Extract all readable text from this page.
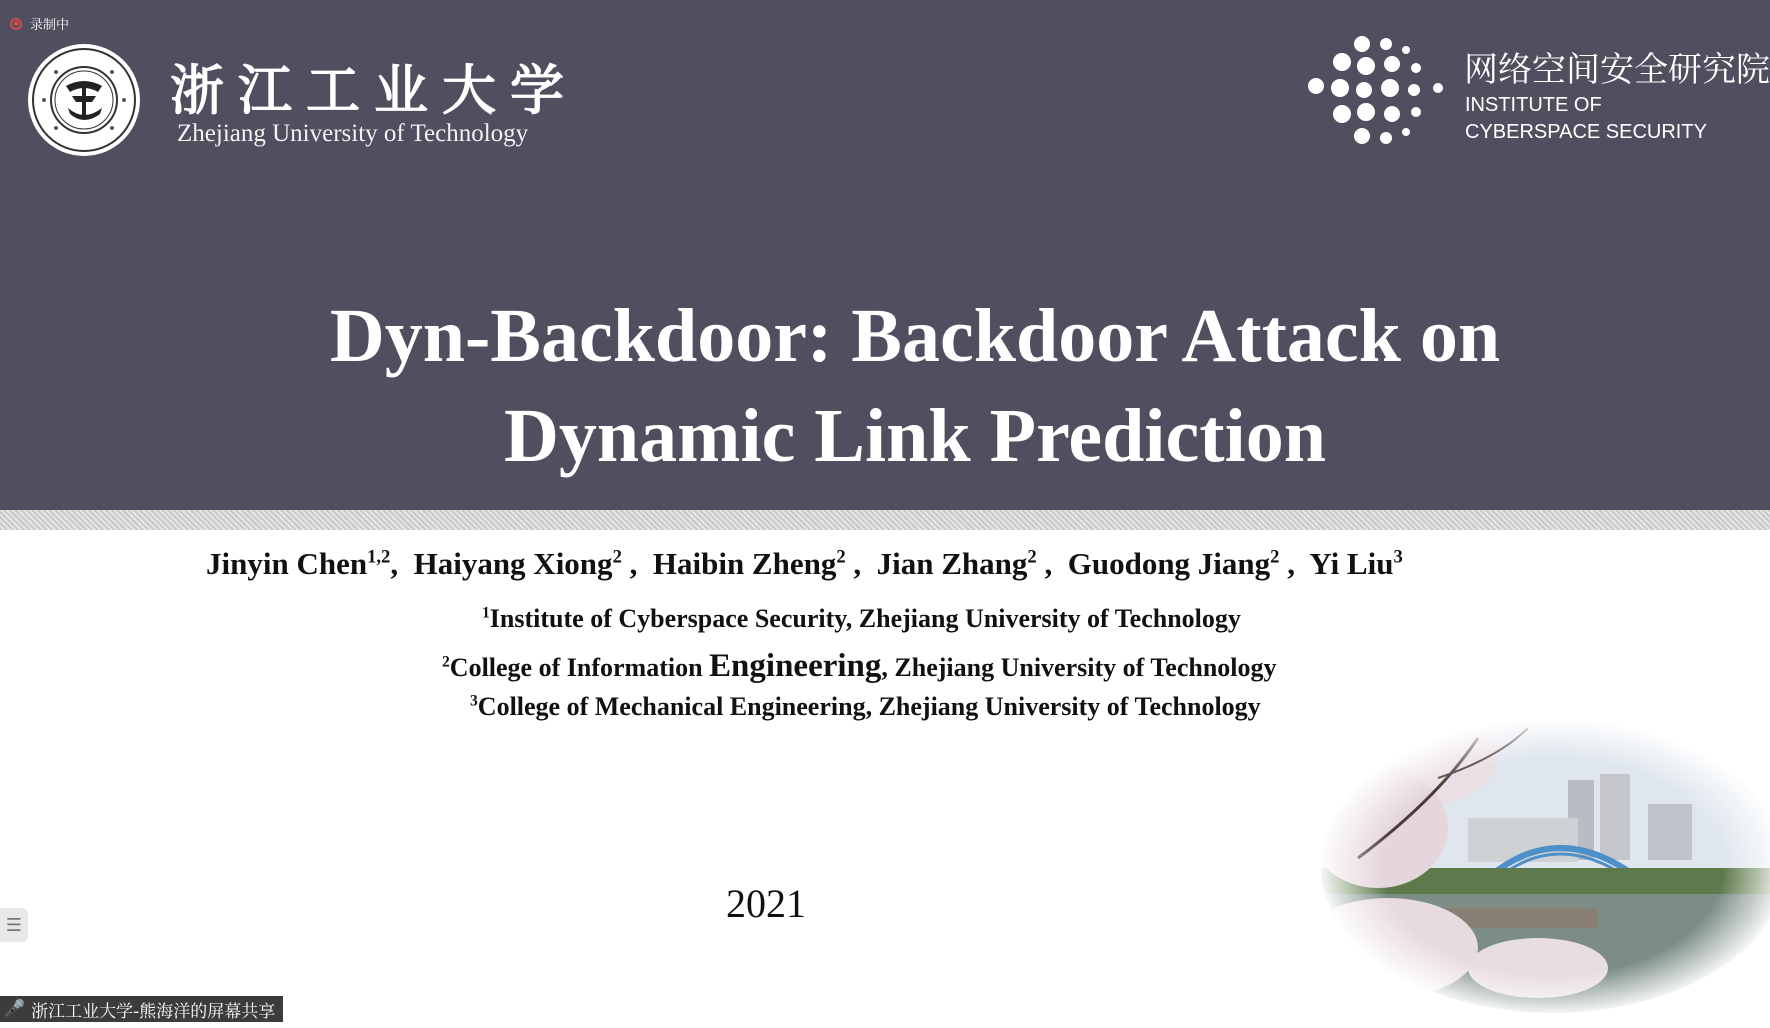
录制中
浙江工业大学
Zhejiang University of Technology
网络空间安全研究院
INSTITUTE OF
CYBERSPACE SECURITY
Dyn-Backdoor: Backdoor Attack on
Dynamic Link Prediction
Jinyin Chen$^{1,2}$,  Haiyang Xiong$^2$ ,  Haibin Zheng$^2$ ,  Jian Zhang$^2$ ,  Guodong Jiang$^2$ ,  Yi Liu$^3$
$^1$Institute of Cyberspace Security, Zhejiang University of Technology
$^2$College of Information Engineering, Zhejiang University of Technology
$^3$College of Mechanical Engineering, Zhejiang University of Technology
2021
☰
🎤 浙江工业大学-熊海洋的屏幕共享
